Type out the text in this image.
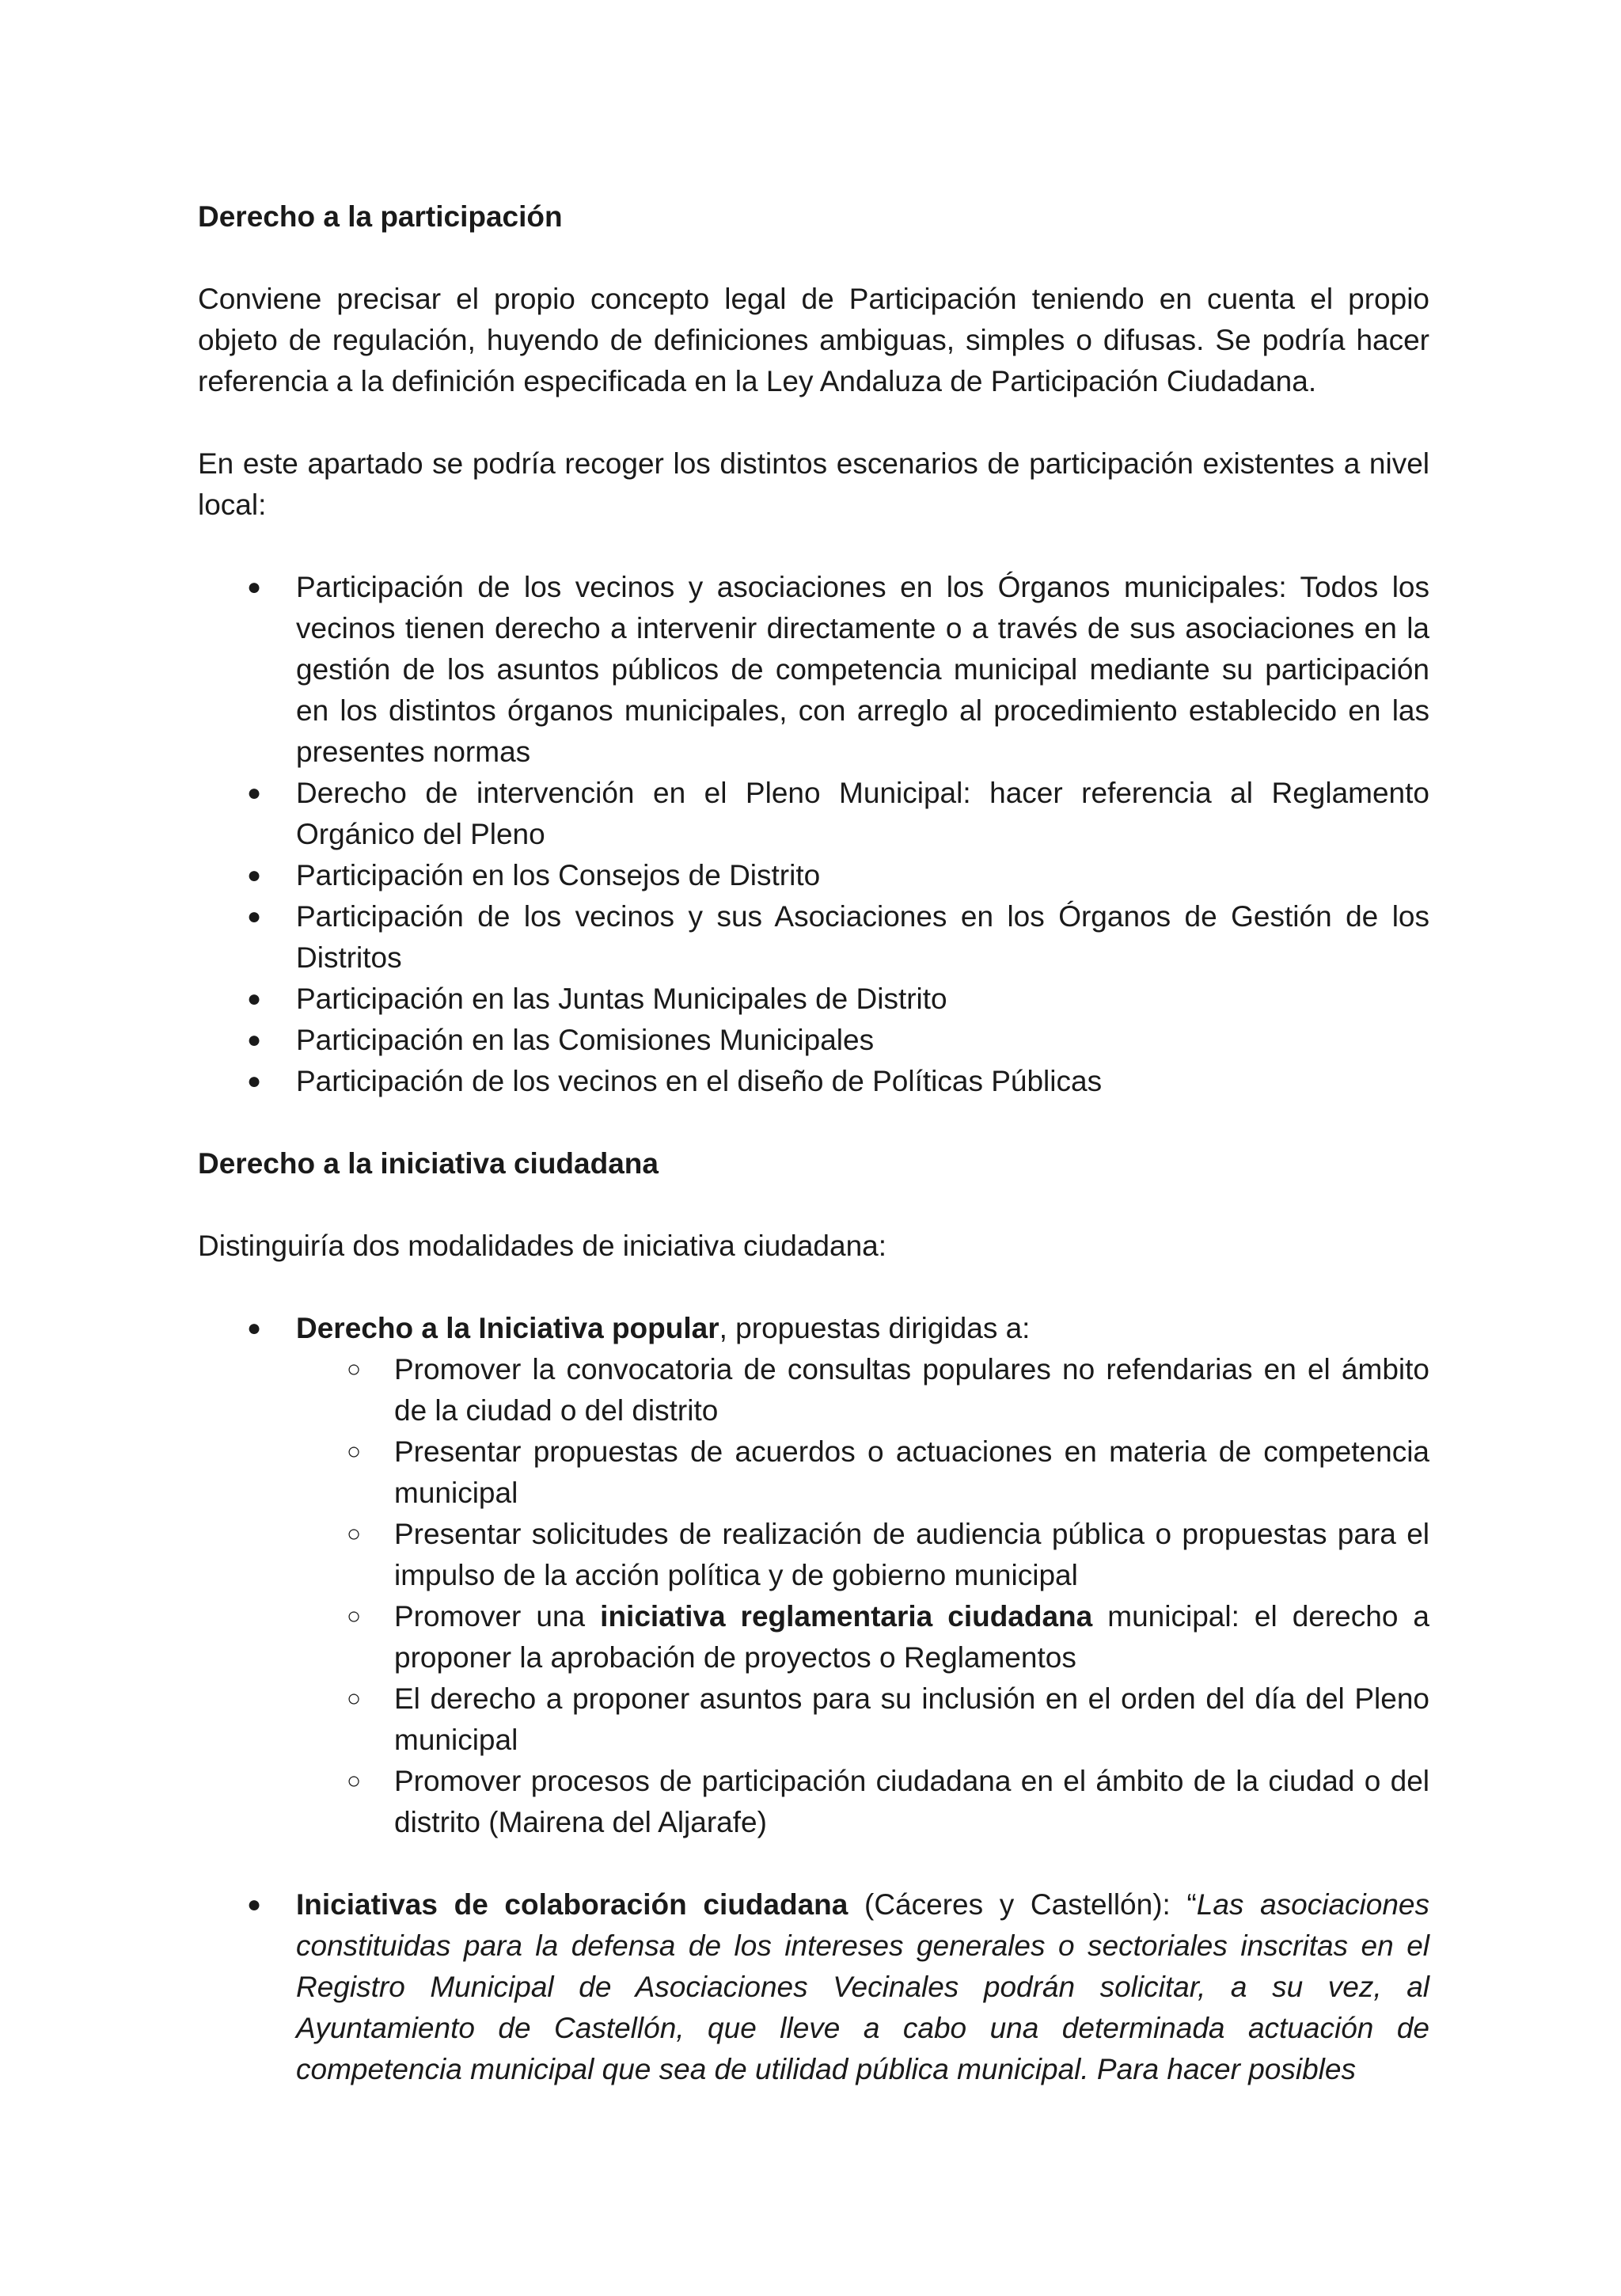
Derecho a la participación

Conviene precisar el propio concepto legal de Participación teniendo en cuenta el propio objeto de regulación, huyendo de definiciones ambiguas, simples o difusas. Se podría hacer referencia a la definición especificada en la Ley Andaluza de Participación Ciudadana.

En este apartado se podría recoger los distintos escenarios de participación existentes a nivel local:

● Participación de los vecinos y asociaciones en los Órganos municipales: Todos los vecinos tienen derecho a intervenir directamente o a través de sus asociaciones en la gestión de los asuntos públicos de competencia municipal mediante su participación en los distintos órganos municipales, con arreglo al procedimiento establecido en las presentes normas
● Derecho de intervención en el Pleno Municipal: hacer referencia al Reglamento Orgánico del Pleno
● Participación en los Consejos de Distrito
● Participación de los vecinos y sus Asociaciones en los Órganos de Gestión de los Distritos
● Participación en las Juntas Municipales de Distrito
● Participación en las Comisiones Municipales
● Participación de los vecinos en el diseño de Políticas Públicas
Derecho a la iniciativa ciudadana

Distinguiría dos modalidades de iniciativa ciudadana:

● Derecho a la Iniciativa popular, propuestas dirigidas a:
○ Promover la convocatoria de consultas populares no refendarias en el ámbito de la ciudad o del distrito
○ Presentar propuestas de acuerdos o actuaciones en materia de competencia municipal
○ Presentar solicitudes de realización de audiencia pública o propuestas para el impulso de la acción política y de gobierno municipal
○ Promover una iniciativa reglamentaria ciudadana municipal: el derecho a proponer la aprobación de proyectos o Reglamentos
○ El derecho a proponer asuntos para su inclusión en el orden del día del Pleno municipal
○ Promover procesos de participación ciudadana en el ámbito de la ciudad o del distrito (Mairena del Aljarafe)
● Iniciativas de colaboración ciudadana (Cáceres y Castellón): “Las asociaciones constituidas para la defensa de los intereses generales o sectoriales inscritas en el Registro Municipal de Asociaciones Vecinales podrán solicitar, a su vez, al Ayuntamiento de Castellón, que lleve a cabo una determinada actuación de competencia municipal que sea de utilidad pública municipal. Para hacer posibles
